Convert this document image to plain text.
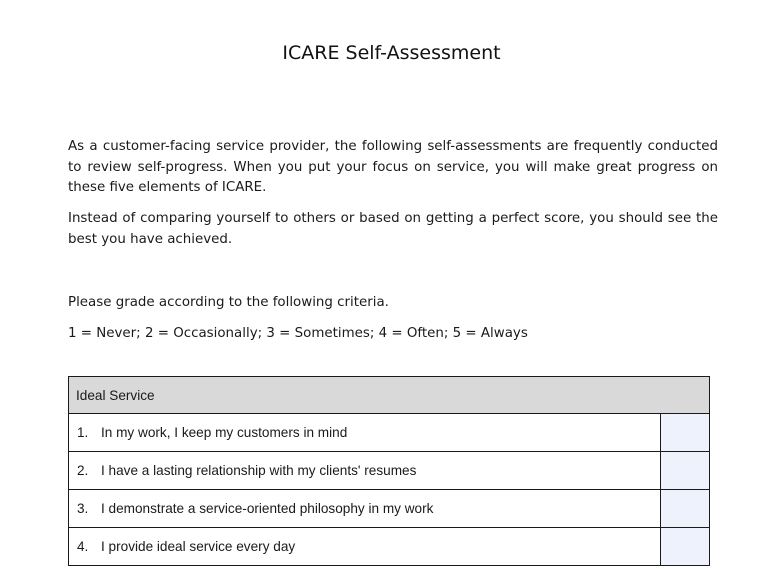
ICARE Self-Assessment
As a customer-facing service provider, the following self-assessments are frequently conducted to review self-progress. When you put your focus on service, you will make great progress on these five elements of ICARE.
Instead of comparing yourself to others or based on getting a perfect score, you should see the best you have achieved.
Please grade according to the following criteria.
1 = Never; 2 = Occasionally; 3 = Sometimes; 4 = Often; 5 = Always
Ideal Service	
1. In my work, I keep my customers in mind	
2. I have a lasting relationship with my clients' resumes	
3. I demonstrate a service-oriented philosophy in my work	
4. I provide ideal service every day	
